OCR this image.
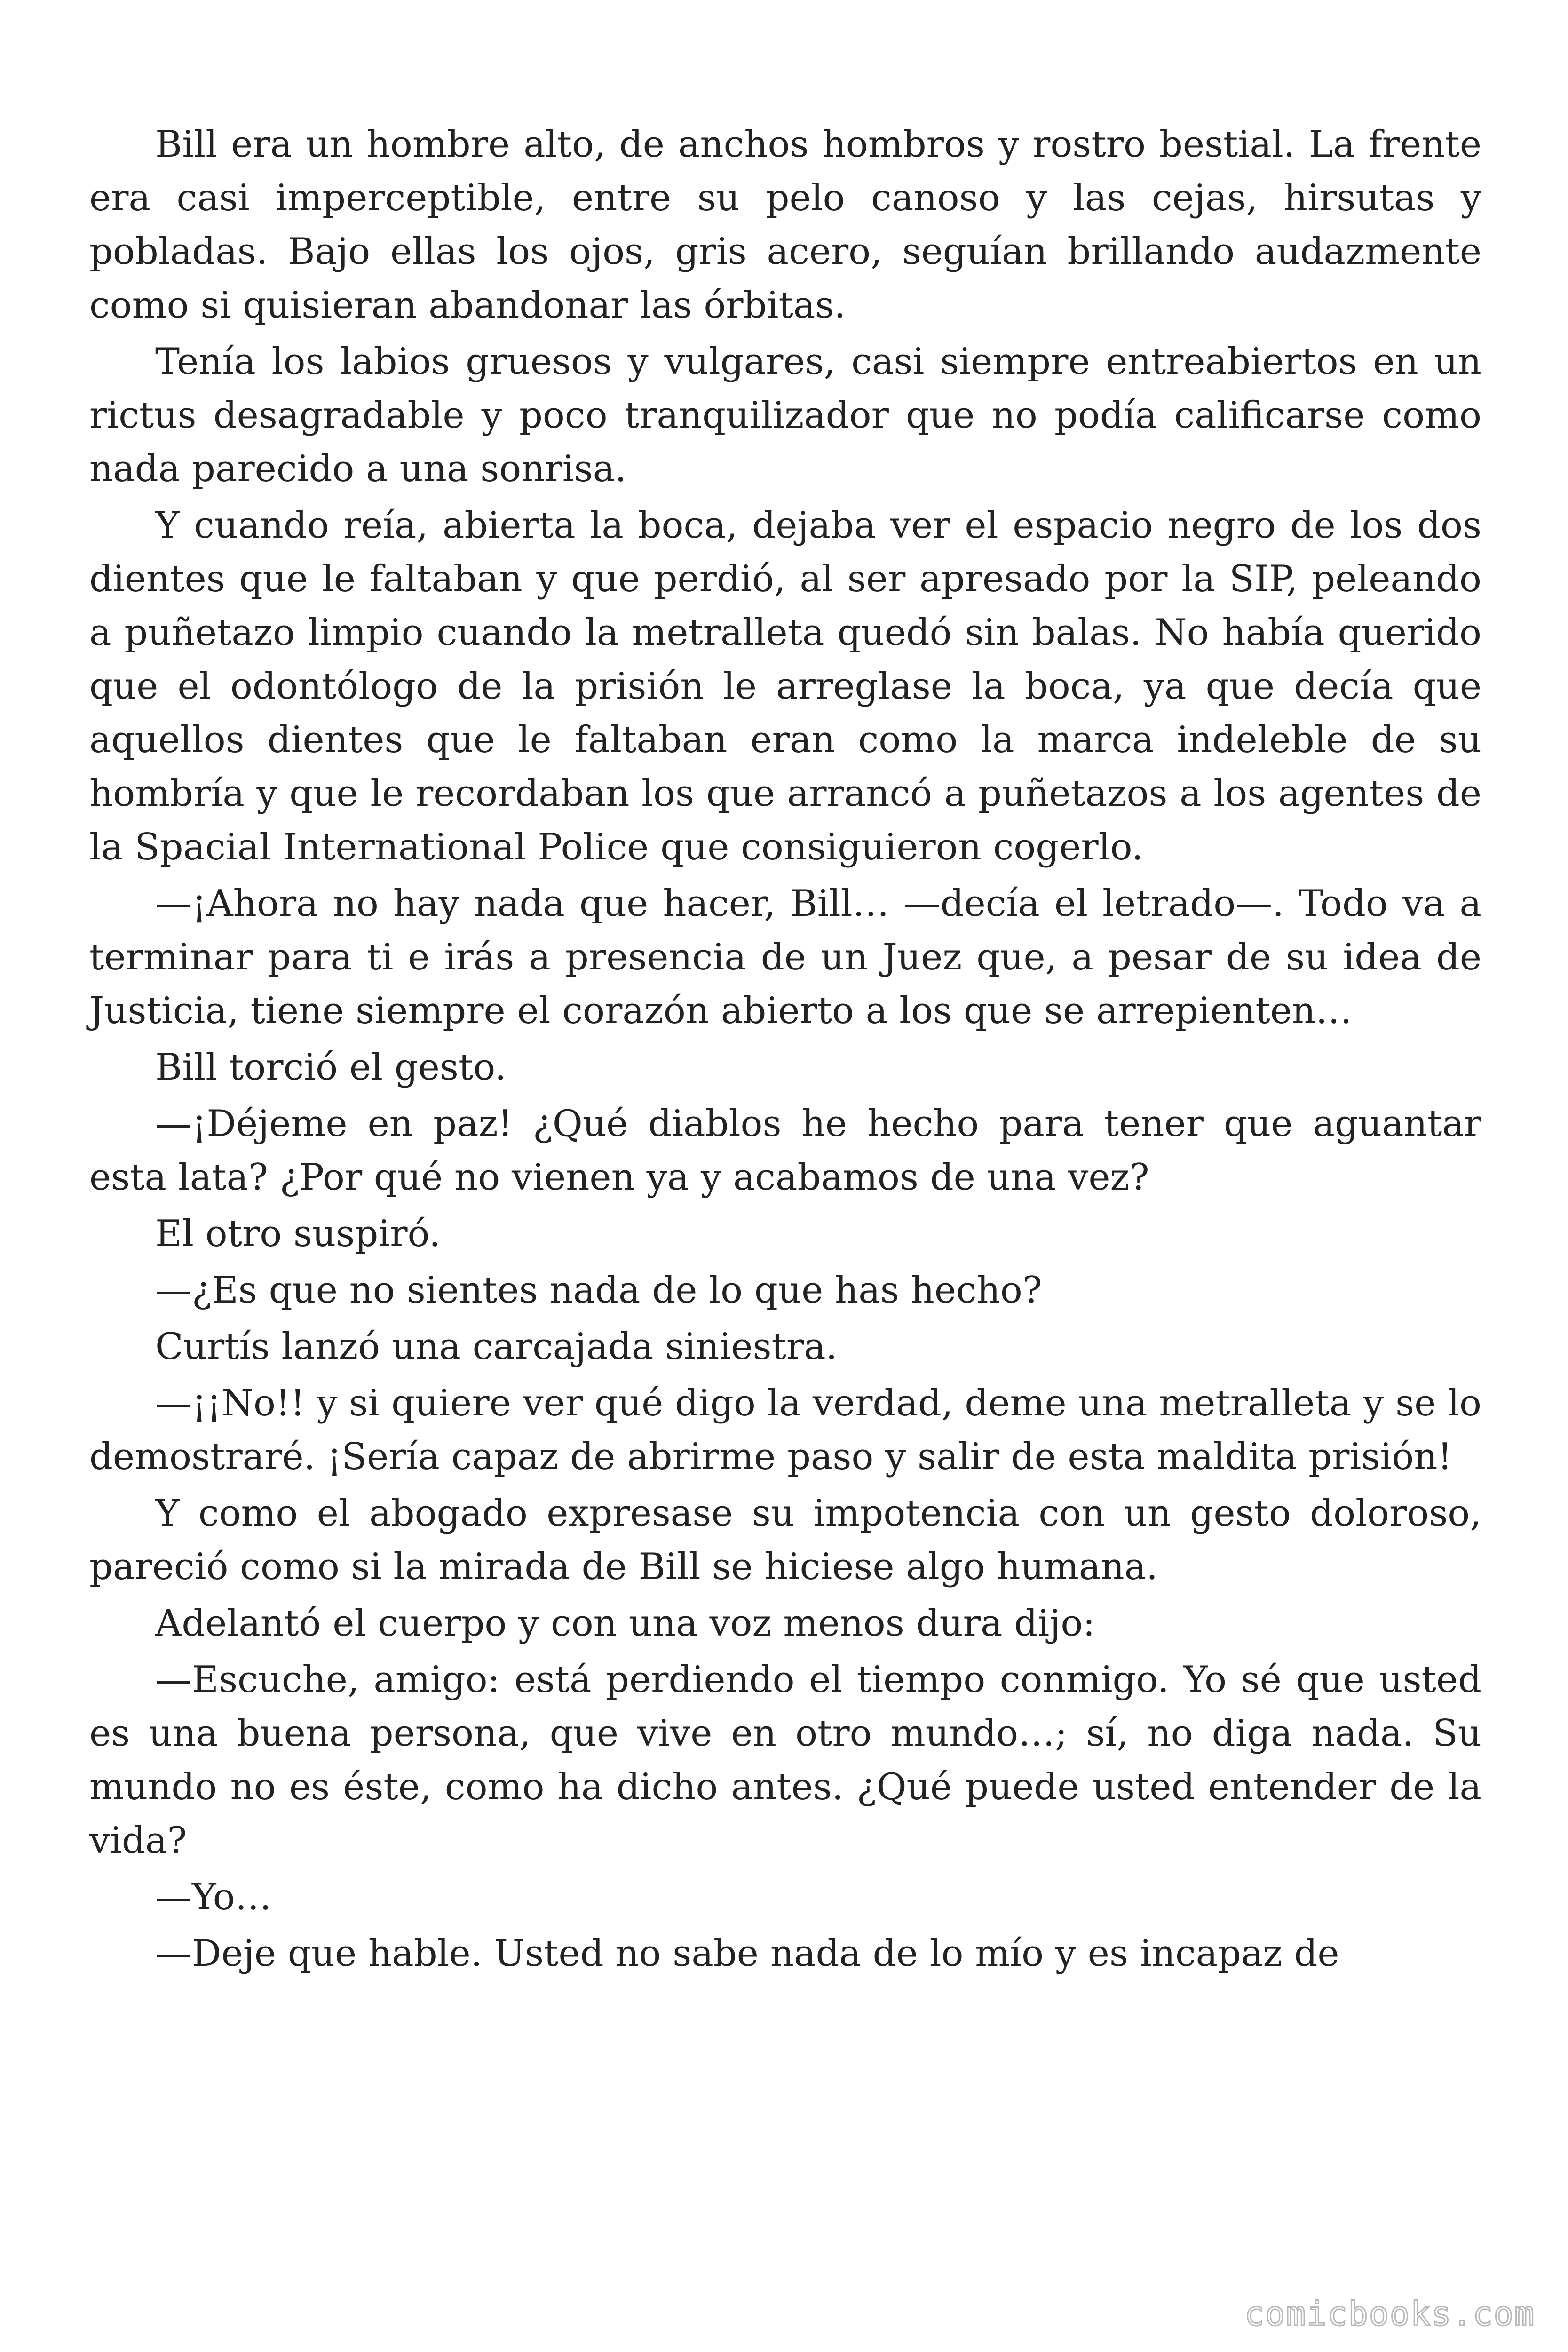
Bill era un hombre alto, de anchos hombros y rostro bestial. La frente era casi imperceptible, entre su pelo canoso y las cejas, hirsutas y pobladas. Bajo ellas los ojos, gris acero, seguían brillando audazmente como si quisieran abandonar las órbitas.

Tenía los labios gruesos y vulgares, casi siempre entreabiertos en un rictus desagradable y poco tranquilizador que no podía calificarse como nada parecido a una sonrisa.

Y cuando reía, abierta la boca, dejaba ver el espacio negro de los dos dientes que le faltaban y que perdió, al ser apresado por la SIP, peleando a puñetazo limpio cuando la metralleta quedó sin balas. No había querido que el odontólogo de la prisión le arreglase la boca, ya que decía que aquellos dientes que le faltaban eran como la marca indeleble de su hombría y que le recordaban los que arrancó a puñetazos a los agentes de la Spacial International Police que consiguieron cogerlo.

—¡Ahora no hay nada que hacer, Bill… —decía el letrado—. Todo va a terminar para ti e irás a presencia de un Juez que, a pesar de su idea de Justicia, tiene siempre el corazón abierto a los que se arrepienten…

Bill torció el gesto.

—¡Déjeme en paz! ¿Qué diablos he hecho para tener que aguantar esta lata? ¿Por qué no vienen ya y acabamos de una vez?

El otro suspiró.

—¿Es que no sientes nada de lo que has hecho?

Curtís lanzó una carcajada siniestra.

—¡¡No!! y si quiere ver qué digo la verdad, deme una metralleta y se lo demostraré. ¡Sería capaz de abrirme paso y salir de esta maldita prisión!

Y como el abogado expresase su impotencia con un gesto doloroso, pareció como si la mirada de Bill se hiciese algo humana.

Adelantó el cuerpo y con una voz menos dura dijo:

—Escuche, amigo: está perdiendo el tiempo conmigo. Yo sé que usted es una buena persona, que vive en otro mundo…; sí, no diga nada. Su mundo no es éste, como ha dicho antes. ¿Qué puede usted entender de la vida?

—Yo…

—Deje que hable. Usted no sabe nada de lo mío y es incapaz de

comicbooks.com
